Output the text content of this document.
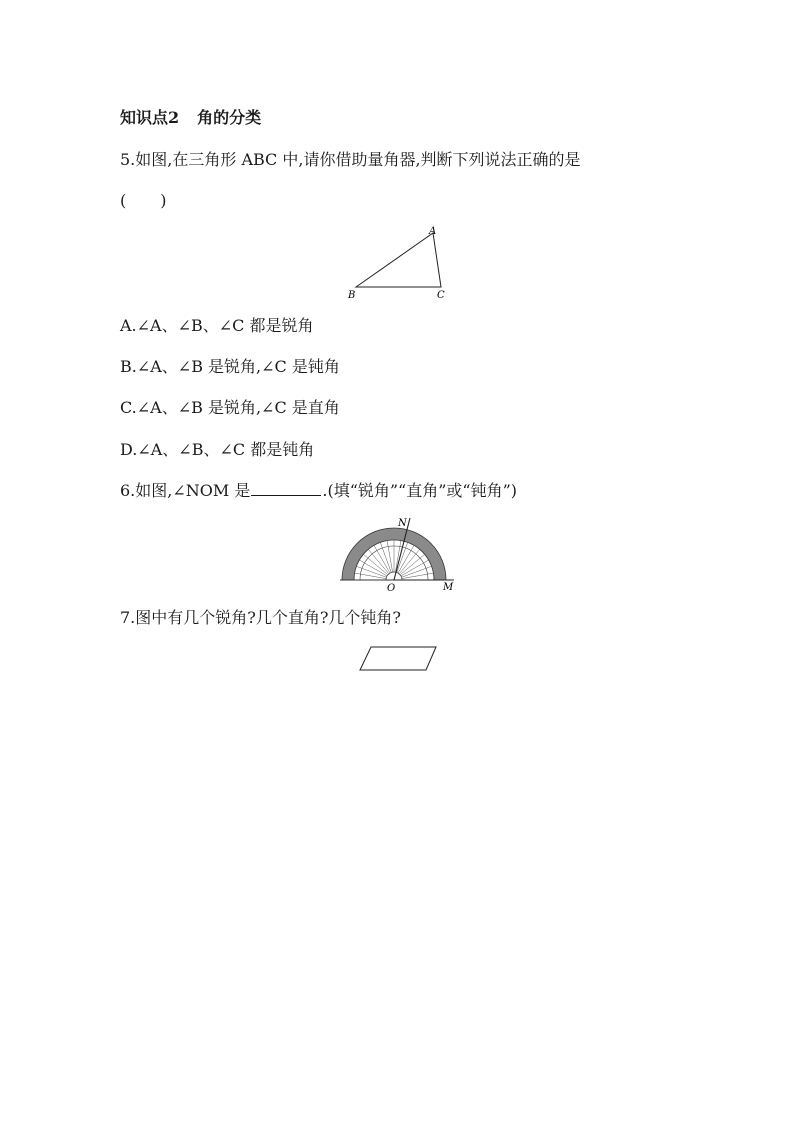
知识点2 角的分类
5.如图,在三角形 ABC 中,请你借助量角器,判断下列说法正确的是
( )
A
B	C
A.∠A、∠B、∠C 都是锐角
B.∠A、∠B 是锐角,∠C 是钝角
C.∠A、∠B 是锐角,∠C 是直角
D.∠A、∠B、∠C 都是钝角
6.如图,∠NOM 是	.(填“锐角”“直角”或“钝角”)
N
O	M
7.图中有几个锐角?几个直角?几个钝角?
